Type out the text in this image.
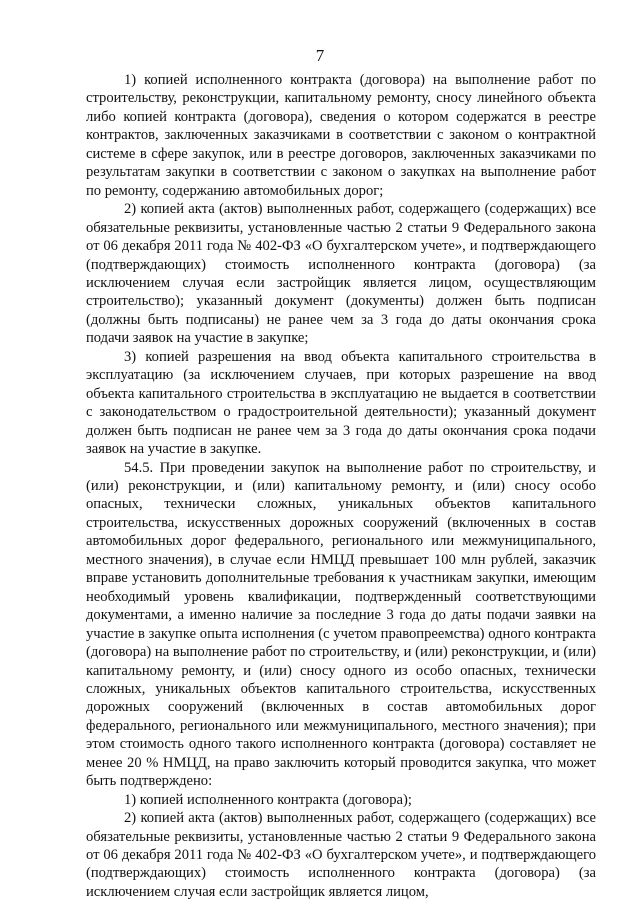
7

1) копией исполненного контракта (договора) на выполнение работ по строительству, реконструкции, капитальному ремонту, сносу линейного объекта либо копией контракта (договора), сведения о котором содержатся в реестре контрактов, заключенных заказчиками в соответствии с законом о контрактной системе в сфере закупок, или в реестре договоров, заключенных заказчиками по результатам закупки в соответствии с законом о закупках на выполнение работ по ремонту, содержанию автомобильных дорог;

2) копией акта (актов) выполненных работ, содержащего (содержащих) все обязательные реквизиты, установленные частью 2 статьи 9 Федерального закона от 06 декабря 2011 года № 402-ФЗ «О бухгалтерском учете», и подтверждающего (подтверждающих) стоимость исполненного контракта (договора) (за исключением случая если застройщик является лицом, осуществляющим строительство); указанный документ (документы) должен быть подписан (должны быть подписаны) не ранее чем за 3 года до даты окончания срока подачи заявок на участие в закупке;

3) копией разрешения на ввод объекта капитального строительства в эксплуатацию (за исключением случаев, при которых разрешение на ввод объекта капитального строительства в эксплуатацию не выдается в соответствии с законодательством о градостроительной деятельности); указанный документ должен быть подписан не ранее чем за 3 года до даты окончания срока подачи заявок на участие в закупке.

54.5. При проведении закупок на выполнение работ по строительству, и (или) реконструкции, и (или) капитальному ремонту, и (или) сносу особо опасных, технически сложных, уникальных объектов капитального строительства, искусственных дорожных сооружений (включенных в состав автомобильных дорог федерального, регионального или межмуниципального, местного значения), в случае если НМЦД превышает 100 млн рублей, заказчик вправе установить дополнительные требования к участникам закупки, имеющим необходимый уровень квалификации, подтвержденный соответствующими документами, а именно наличие за последние 3 года до даты подачи заявки на участие в закупке опыта исполнения (с учетом правопреемства) одного контракта (договора) на выполнение работ по строительству, и (или) реконструкции, и (или) капитальному ремонту, и (или) сносу одного из особо опасных, технически сложных, уникальных объектов капитального строительства, искусственных дорожных сооружений (включенных в состав автомобильных дорог федерального, регионального или межмуниципального, местного значения); при этом стоимость одного такого исполненного контракта (договора) составляет не менее 20 % НМЦД, на право заключить который проводится закупка, что может быть подтверждено:

1) копией исполненного контракта (договора);

2) копией акта (актов) выполненных работ, содержащего (содержащих) все обязательные реквизиты, установленные частью 2 статьи 9 Федерального закона от 06 декабря 2011 года № 402-ФЗ «О бухгалтерском учете», и подтверждающего (подтверждающих) стоимость исполненного контракта (договора) (за исключением случая если застройщик является лицом,
